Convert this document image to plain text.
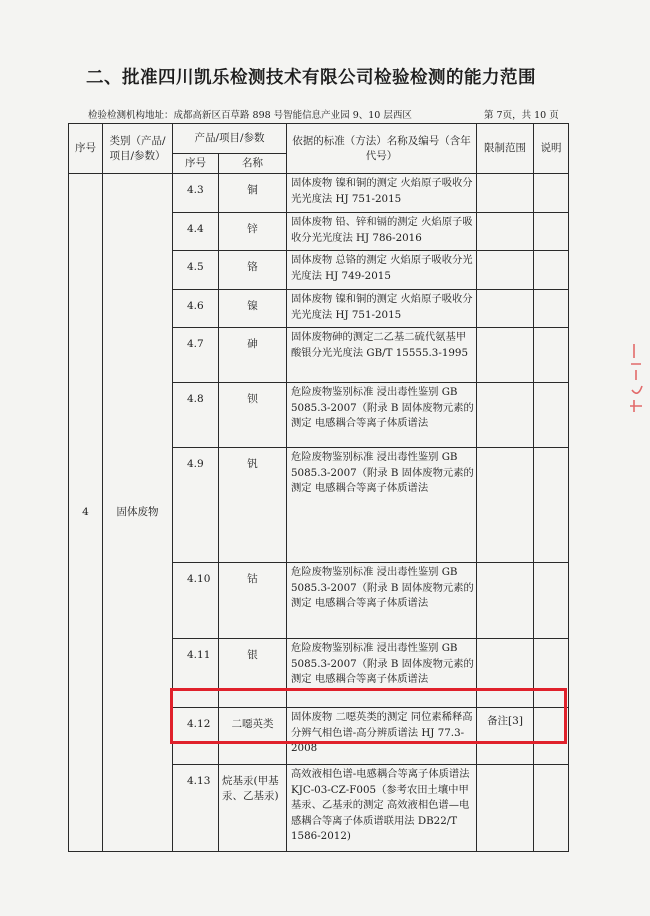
二、批准四川凯乐检测技术有限公司检验检测的能力范围
检验检测机构地址：成都高新区百草路 898 号智能信息产业园 9、10 层西区	第 7页，共 10 页
序号	类别（产品/项目/参数）	产品/项目/参数		依据的标准（方法）名称及编号（含年代号）	限制范围	说明
		序号	名称			
4	固体废物	4.3	铜	固体废物 镍和铜的测定 火焰原子吸收分光光度法 HJ 751-2015		
		4.4	锌	固体废物 铅、锌和镉的测定 火焰原子吸收分光光度法 HJ 786-2016		
		4.5	铬	固体废物 总铬的测定 火焰原子吸收分光光度法 HJ 749-2015		
		4.6	镍	固体废物 镍和铜的测定 火焰原子吸收分光光度法 HJ 751-2015		
		4.7	砷	固体废物砷的测定二乙基二硫代氨基甲酸银分光光度法 GB/T 15555.3-1995		
		4.8	钡	危险废物鉴别标准 浸出毒性鉴别 GB 5085.3-2007（附录 B 固体废物元素的测定 电感耦合等离子体质谱法		
		4.9	钒	危险废物鉴别标准 浸出毒性鉴别 GB 5085.3-2007（附录 B 固体废物元素的测定 电感耦合等离子体质谱法		
		4.10	钴	危险废物鉴别标准 浸出毒性鉴别 GB 5085.3-2007（附录 B 固体废物元素的测定 电感耦合等离子体质谱法		
		4.11	银	危险废物鉴别标准 浸出毒性鉴别 GB 5085.3-2007（附录 B 固体废物元素的测定 电感耦合等离子体质谱法		
		4.12	二噁英类	固体废物 二噁英类的测定 同位素稀释高分辨气相色谱-高分辨质谱法 HJ 77.3-2008	备注[3]	
		4.13	烷基汞(甲基汞、乙基汞)	高效液相色谱-电感耦合等离子体质谱法 KJC-03-CZ-F005（参考农田土壤中甲基汞、乙基汞的测定 高效液相色谱—电感耦合等离子体质谱联用法 DB22/T 1586-2012)		
